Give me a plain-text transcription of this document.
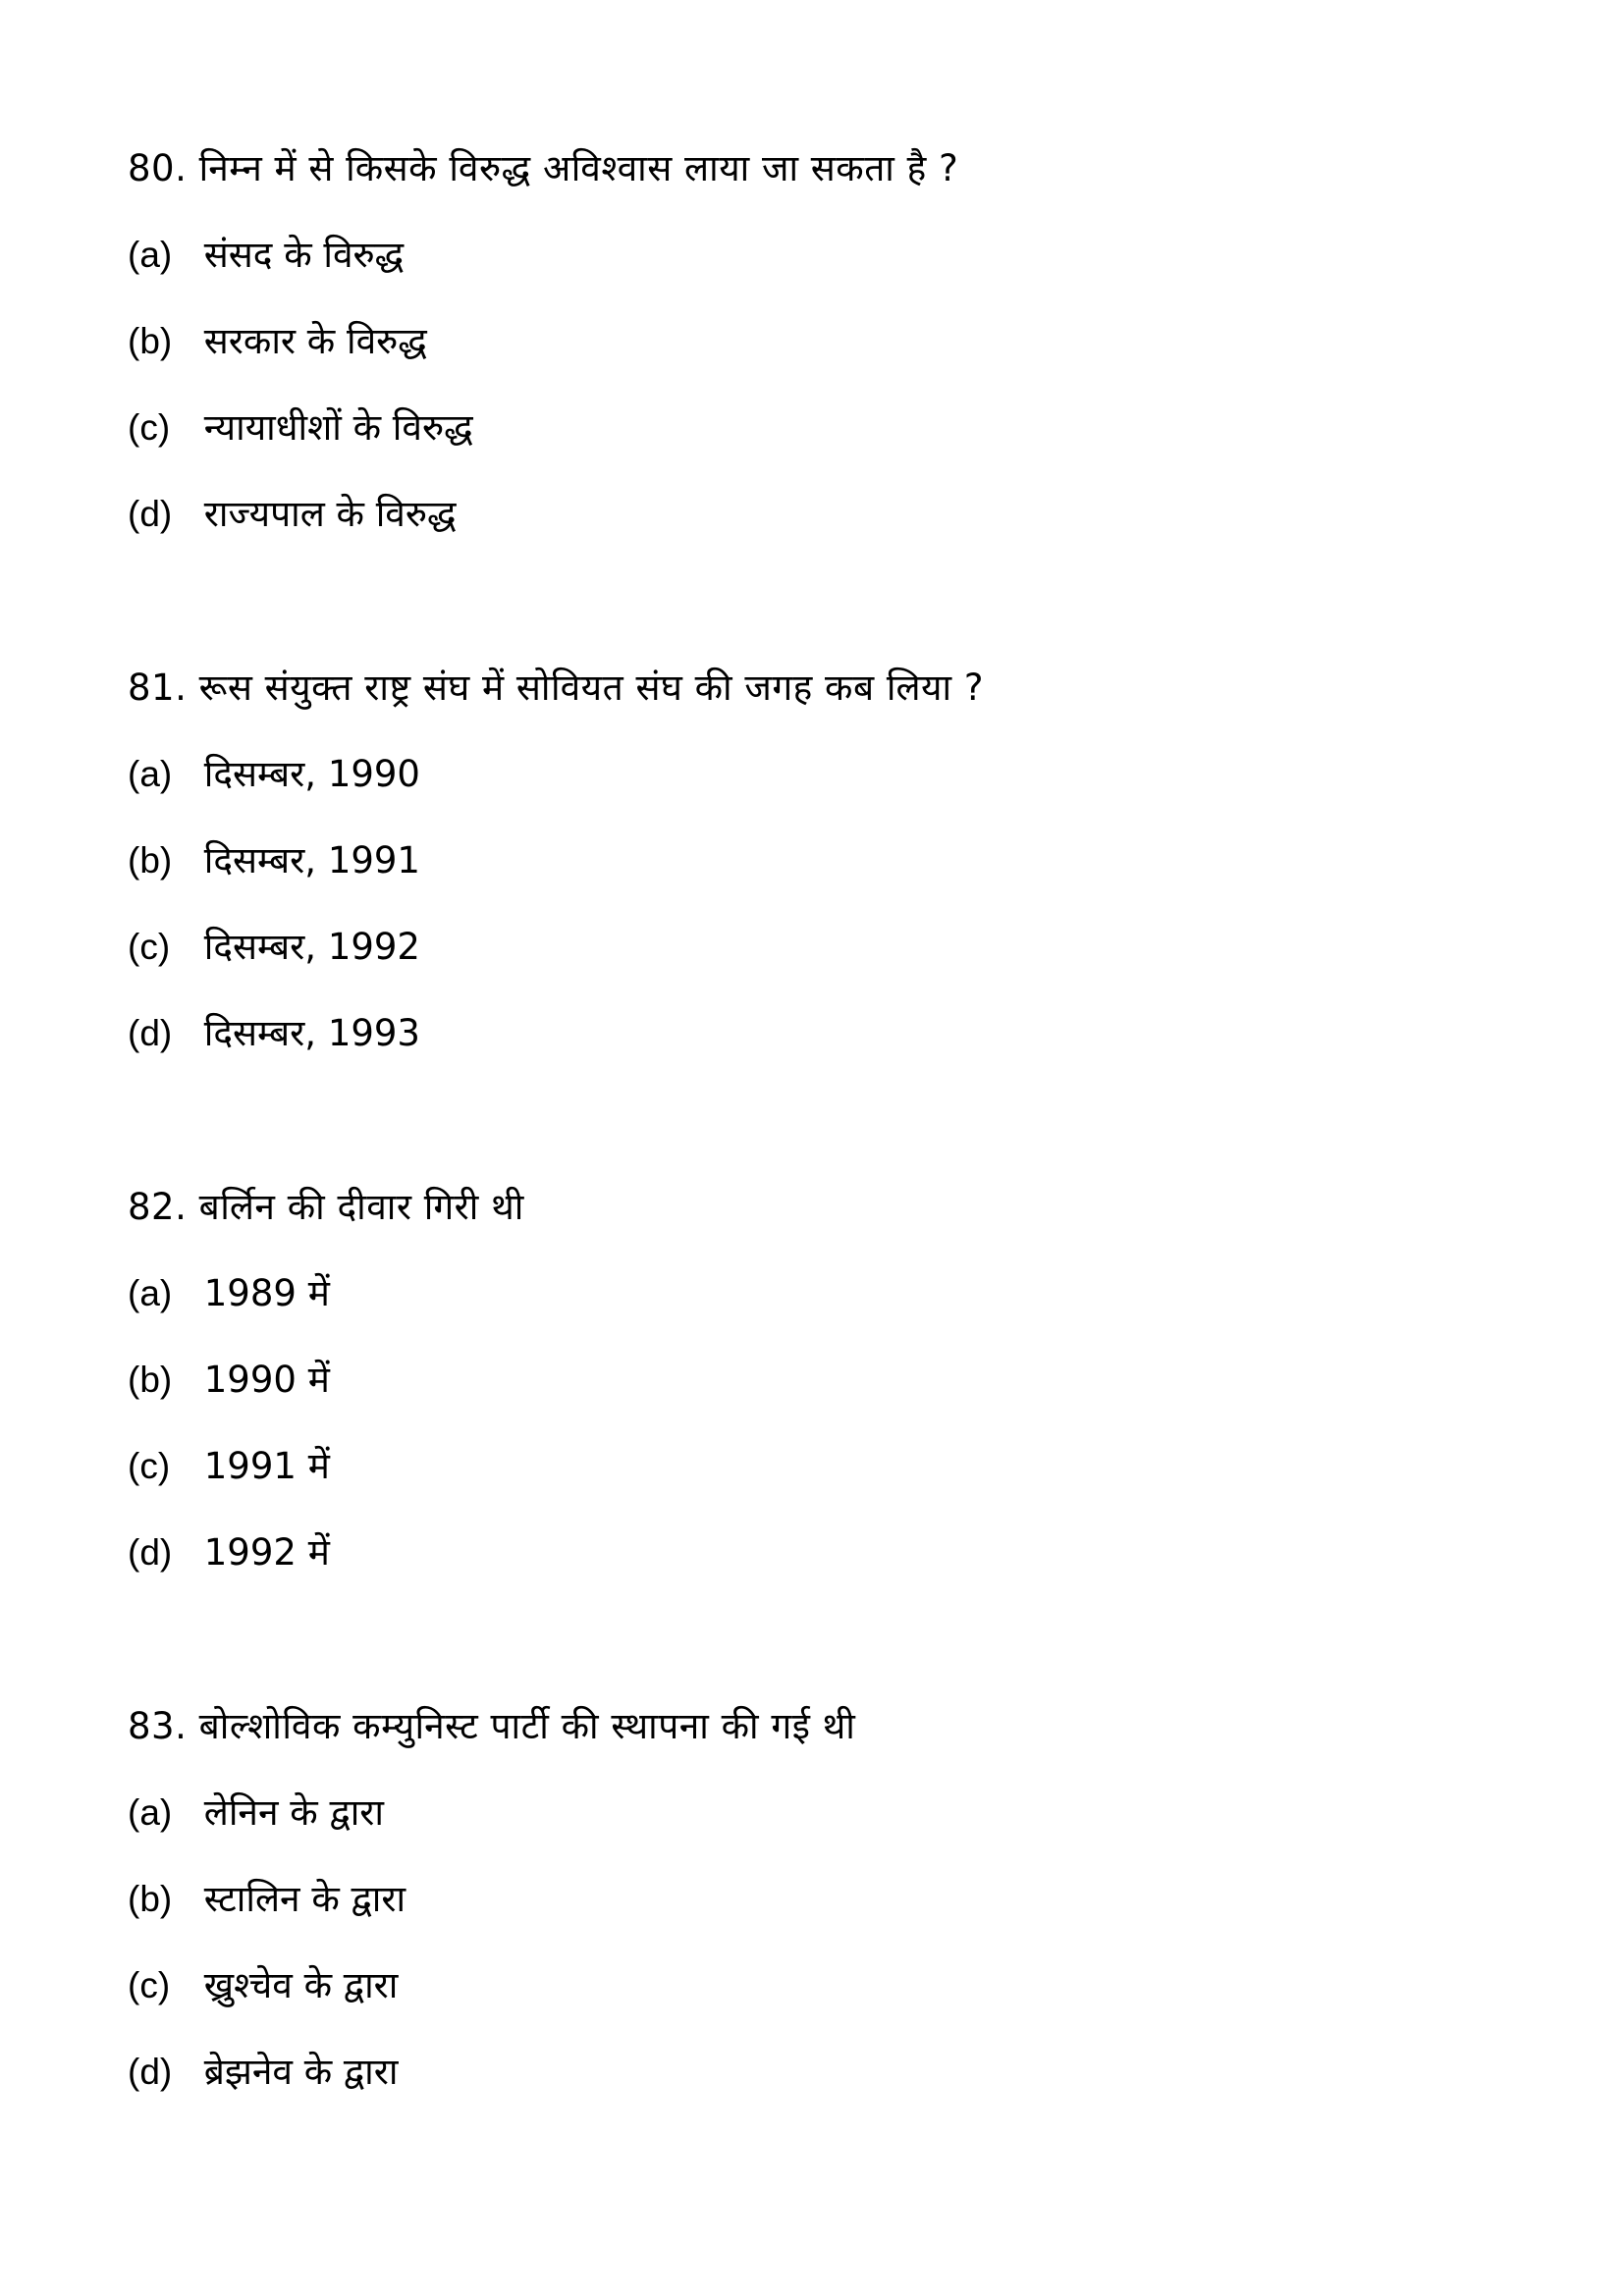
80. निम्न में से किसके विरुद्ध अविश्वास लाया जा सकता है ?
(a) संसद के विरुद्ध
(b) सरकार के विरुद्ध
(c) न्यायाधीशों के विरुद्ध
(d) राज्यपाल के विरुद्ध
81. रूस संयुक्त राष्ट्र संघ में सोवियत संघ की जगह कब लिया ?
(a) दिसम्बर, 1990
(b) दिसम्बर, 1991
(c) दिसम्बर, 1992
(d) दिसम्बर, 1993
82. बर्लिन की दीवार गिरी थी
(a) 1989 में
(b) 1990 में
(c) 1991 में
(d) 1992 में
83. बोल्शोविक कम्युनिस्ट पार्टी की स्थापना की गई थी
(a) लेनिन के द्वारा
(b) स्टालिन के द्वारा
(c) ख्रुश्चेव के द्वारा
(d) ब्रेझनेव के द्वारा
